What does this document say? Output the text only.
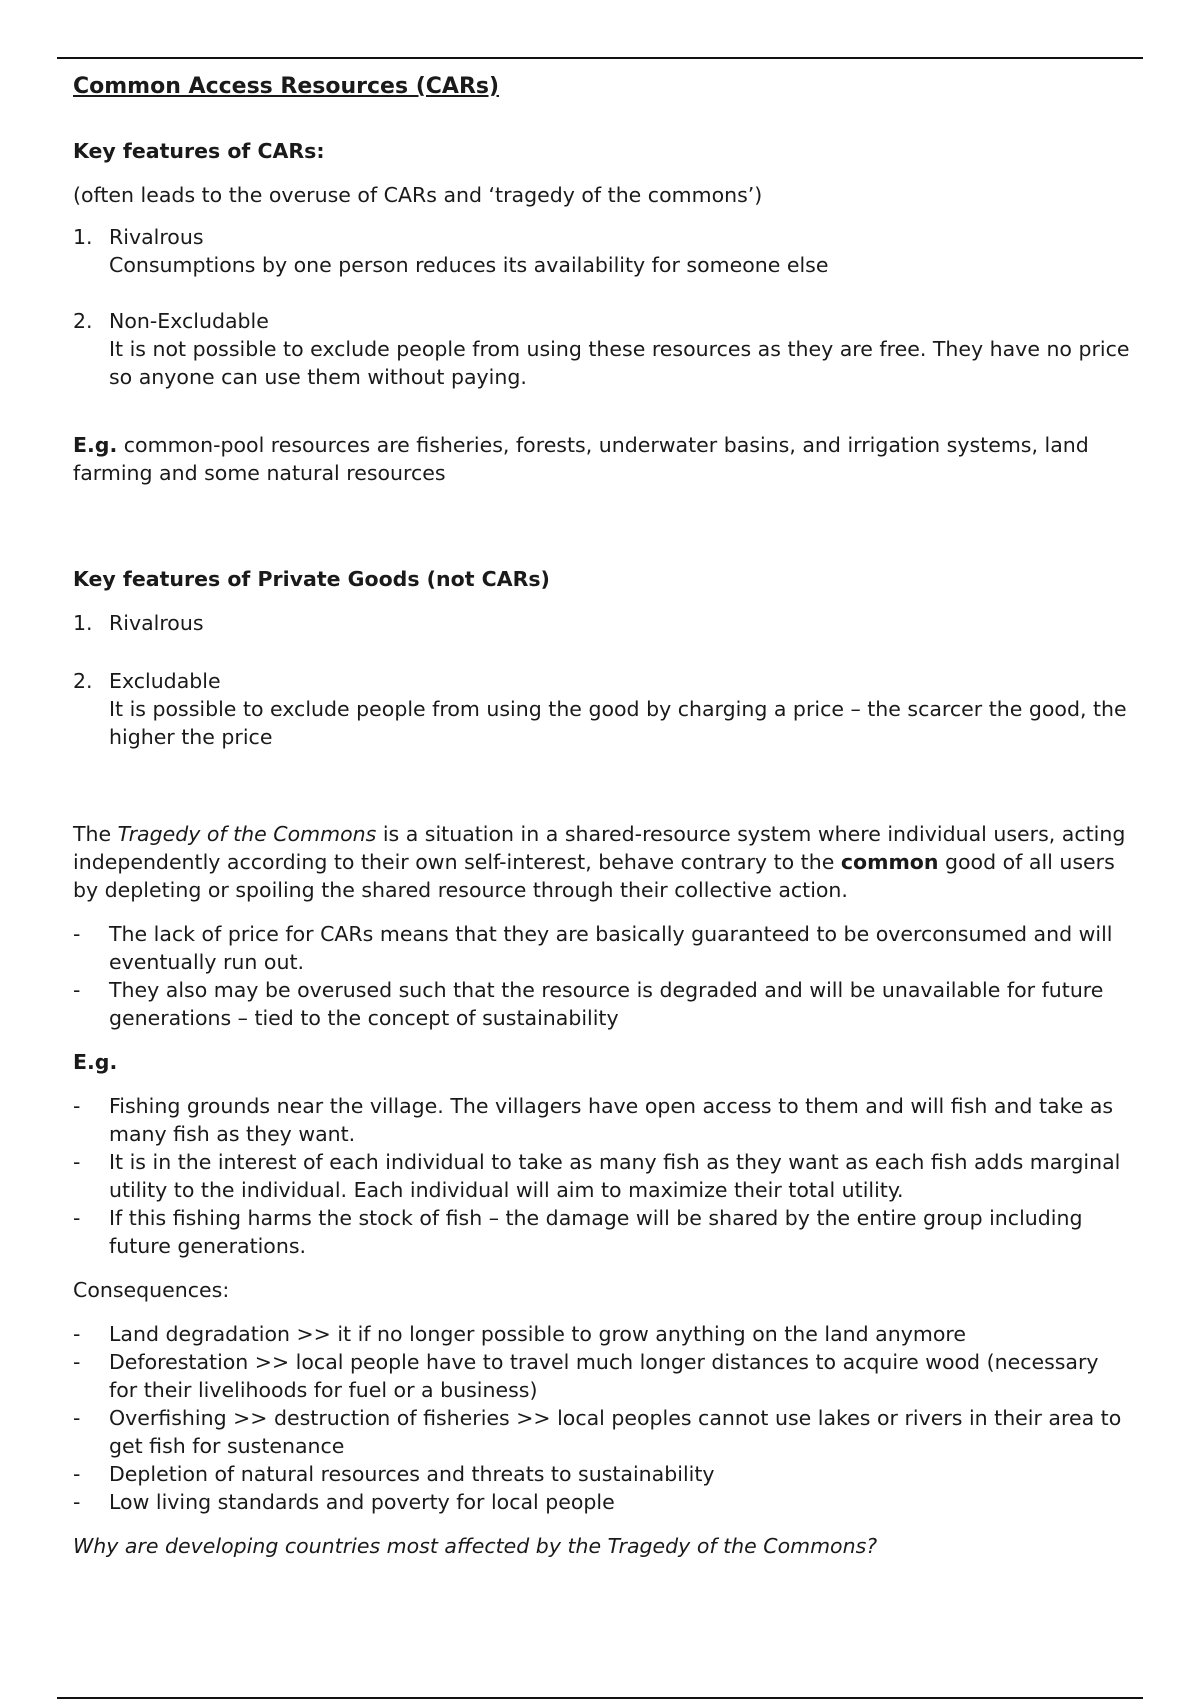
Common Access Resources (CARs)

Key features of CARs:

(often leads to the overuse of CARs and ‘tragedy of the commons’)

1. Rivalrous
Consumptions by one person reduces its availability for someone else
2. Non-Excludable
It is not possible to exclude people from using these resources as they are free. They have no price so anyone can use them without paying.

E.g. common-pool resources are fisheries, forests, underwater basins, and irrigation systems, land farming and some natural resources

Key features of Private Goods (not CARs)

1. Rivalrous
2. Excludable
It is possible to exclude people from using the good by charging a price – the scarcer the good, the higher the price

The Tragedy of the Commons is a situation in a shared-resource system where individual users, acting independently according to their own self-interest, behave contrary to the common good of all users by depleting or spoiling the shared resource through their collective action.

-	The lack of price for CARs means that they are basically guaranteed to be overconsumed and will eventually run out.
-	They also may be overused such that the resource is degraded and will be unavailable for future generations – tied to the concept of sustainability

E.g.

-	Fishing grounds near the village. The villagers have open access to them and will fish and take as many fish as they want.
-	It is in the interest of each individual to take as many fish as they want as each fish adds marginal utility to the individual. Each individual will aim to maximize their total utility.
-	If this fishing harms the stock of fish – the damage will be shared by the entire group including future generations.

Consequences:

-	Land degradation >> it if no longer possible to grow anything on the land anymore
-	Deforestation >> local people have to travel much longer distances to acquire wood (necessary for their livelihoods for fuel or a business)
-	Overfishing >> destruction of fisheries >> local peoples cannot use lakes or rivers in their area to get fish for sustenance
-	Depletion of natural resources and threats to sustainability
-	Low living standards and poverty for local people

Why are developing countries most affected by the Tragedy of the Commons?
